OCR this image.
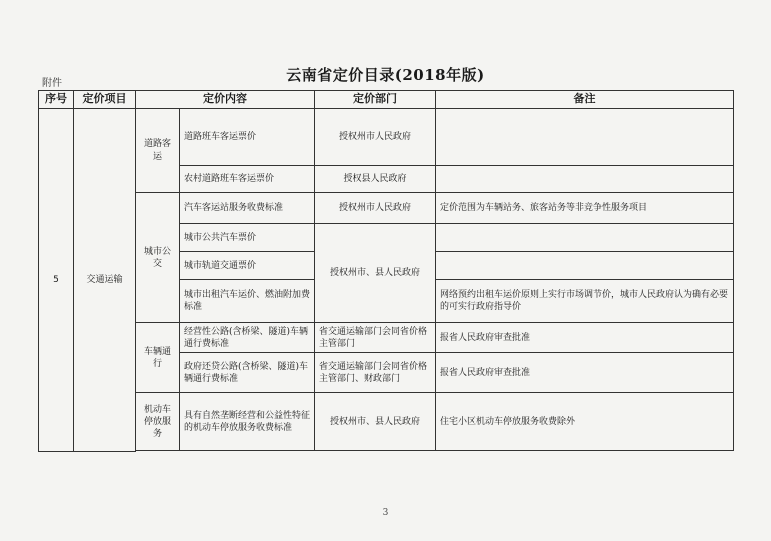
附件	云南省定价目录(2018年版)
序号	定价项目	定价内容		定价部门	备注
5	交通运输	道路客运	道路班车客运票价	授权州市人民政府	
			农村道路班车客运票价	授权县人民政府	
		城市公交	汽车客运站服务收费标准	授权州市人民政府	定价范围为车辆站务、旅客站务等非竞争性服务项目
			城市公共汽车票价	授权州市、县人民政府	
			城市轨道交通票价		
			城市出租汽车运价、燃油附加费标准		网络预约出租车运价原则上实行市场调节价，城市人民政府认为确有必要的可实行政府指导价
		车辆通行	经营性公路(含桥梁、隧道)车辆通行费标准	省交通运输部门会同省价格主管部门	报省人民政府审查批准
			政府还贷公路(含桥梁、隧道)车辆通行费标准	省交通运输部门会同省价格主管部门、财政部门	报省人民政府审查批准
		机动车停放服务	具有自然垄断经营和公益性特征的机动车停放服务收费标准	授权州市、县人民政府	住宅小区机动车停放服务收费除外

3
